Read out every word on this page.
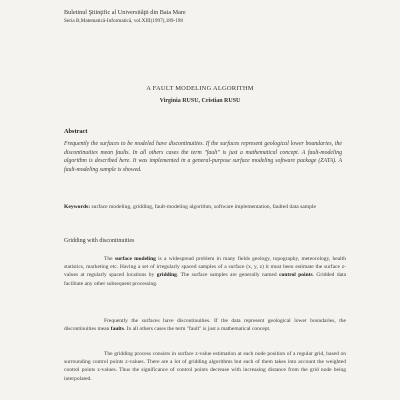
Buletinul Ştiinţific al Universităţii din Baia Mare
Seria B,Matematică-Informatică, vol.XIII(1997),189-198
A FAULT MODELING ALGORITHM
Virginia RUSU, Cristian RUSU
Abstract
Frequently the surfaces to be modeled have discontinuities. If the surfaces represent geological lower boundaries, the discontinuities mean faults. In all others cases the term "fault" is just a mathematical concept. A fault-modeling algorithm is described here. It was implemented in a general-purpose surface modeling software package (ZATA). A fault-modeling sample is showed.
Keywords: surface modeling, gridding, fault-modeling algorithm, software implementation, faulted data sample
Gridding with discontinuities
The surface modeling is a widespread problem in many fields geology, topography, meteorology, health statistics, marketing etc. Having a set of irregularly spaced samples of a surface (x, y, z) it must been estimate the surface z-values at regularly spaced locations by gridding. The surface samples are generally named control points. Gridded data facilitate any other subsequent processing.
Frequently the surfaces have discontinuities. If the data represent geological lower boundaries, the discontinuities mean faults. In all others cases the term "fault" is just a mathematical concept.
The gridding process consists in surface z-value estimation at each node position of a regular grid, based on surrounding control points z-values. There are a lot of gridding algorithms but each of them takes into account the weighted control points z-values. Thus the significance of control points decrease with increasing distance from the grid node being interpolated.
